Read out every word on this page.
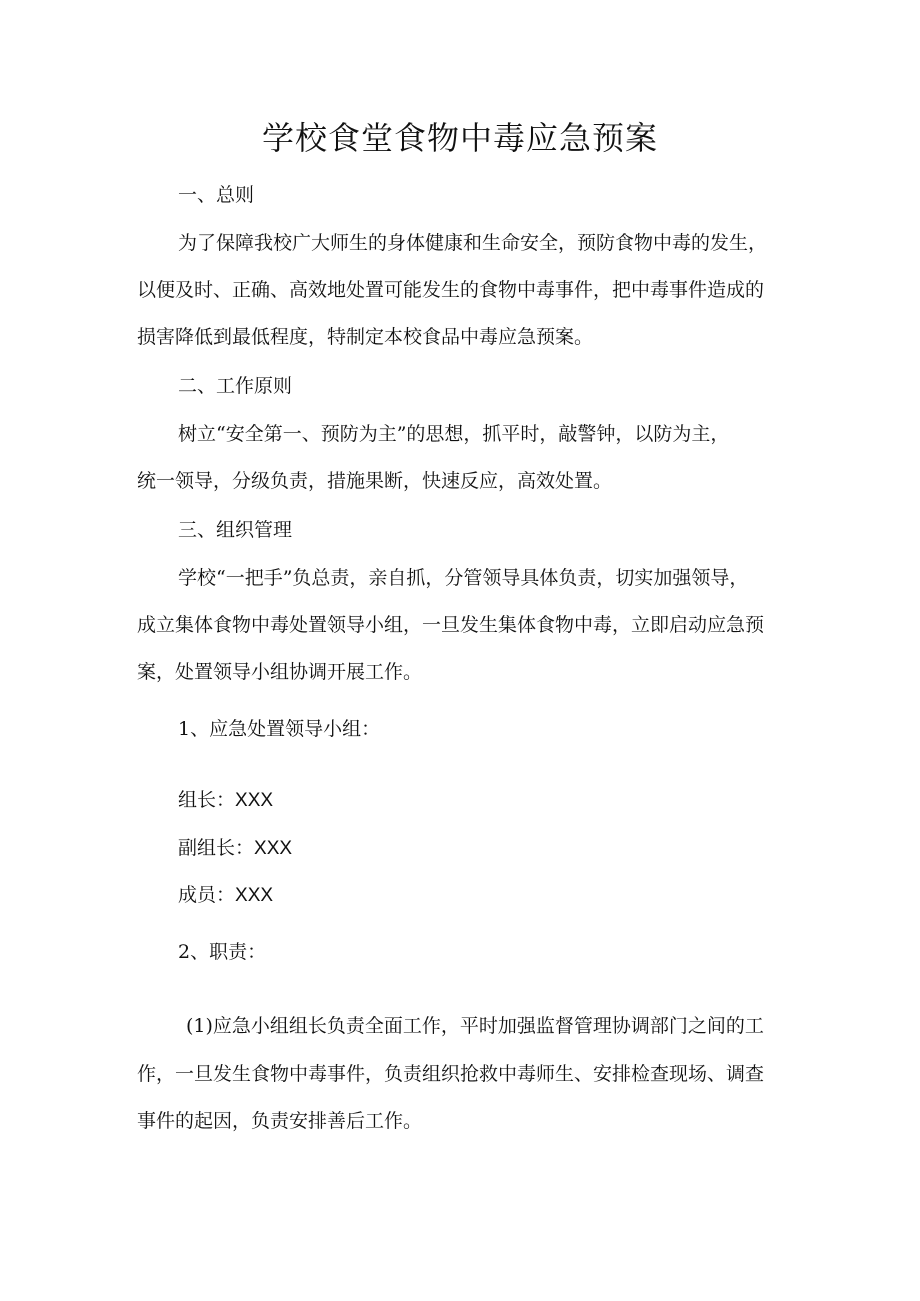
学校食堂食物中毒应急预案
一、总则
为了保障我校广大师生的身体健康和生命安全，预防食物中毒的发生，
以便及时、正确、高效地处置可能发生的食物中毒事件，把中毒事件造成的
损害降低到最低程度，特制定本校食品中毒应急预案。
二、工作原则
树立“安全第一、预防为主”的思想，抓平时，敲警钟，以防为主，
统一领导，分级负责，措施果断，快速反应，高效处置。
三、组织管理
学校“一把手”负总责，亲自抓，分管领导具体负责，切实加强领导，
成立集体食物中毒处置领导小组，一旦发生集体食物中毒，立即启动应急预
案，处置领导小组协调开展工作。
1、应急处置领导小组：
组长：XXX
副组长：XXX
成员：XXX
2、职责：
(1)应急小组组长负责全面工作，平时加强监督管理协调部门之间的工
作，一旦发生食物中毒事件，负责组织抢救中毒师生、安排检查现场、调查
事件的起因，负责安排善后工作。
